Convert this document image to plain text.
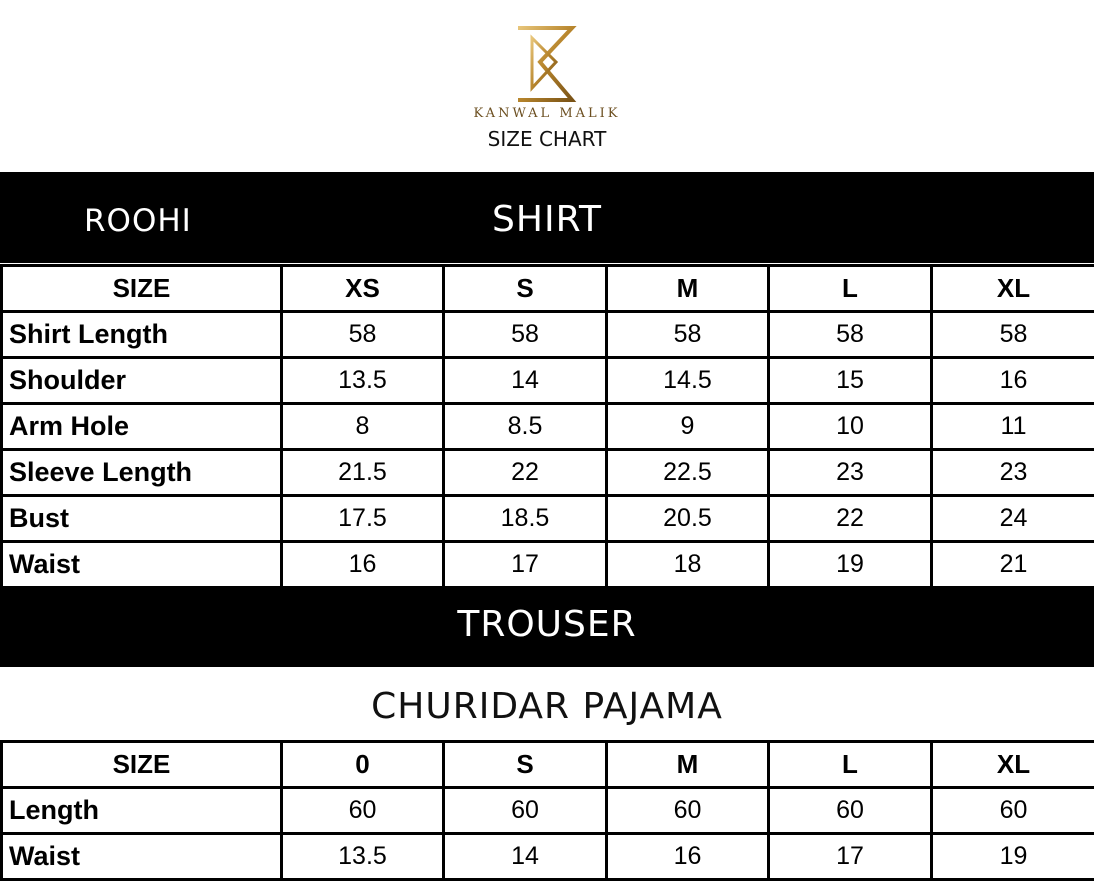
KANWAL MALIK
SIZE CHART
ROOHI	SHIRT
SIZE	XS	S	M	L	XL
Shirt Length	58	58	58	58	58
Shoulder	13.5	14	14.5	15	16
Arm Hole	8	8.5	9	10	11
Sleeve Length	21.5	22	22.5	23	23
Bust	17.5	18.5	20.5	22	24
Waist	16	17	18	19	21
TROUSER
CHURIDAR PAJAMA
SIZE	0	S	M	L	XL
Length	60	60	60	60	60
Waist	13.5	14	16	17	19
